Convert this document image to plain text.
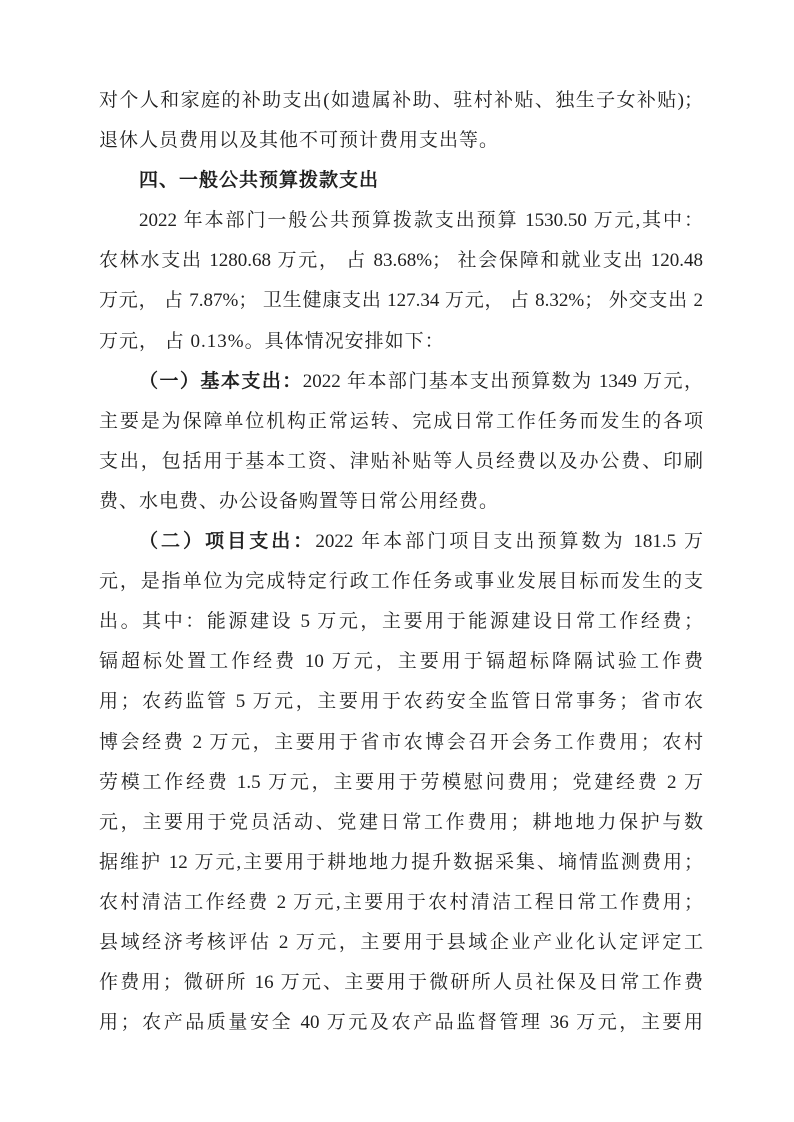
对个人和家庭的补助支出(如遗属补助、驻村补贴、独生子女补贴)；
退休人员费用以及其他不可预计费用支出等。
四、一般公共预算拨款支出
2022 年本部门一般公共预算拨款支出预算 1530.50 万元,其中：
农林水支出 1280.68 万元， 占 83.68%； 社会保障和就业支出 120.48
万元， 占 7.87%； 卫生健康支出 127.34 万元， 占 8.32%； 外交支出 2
万元， 占 0.13%。具体情况安排如下：
（一）基本支出：2022 年本部门基本支出预算数为 1349 万元，
主要是为保障单位机构正常运转、完成日常工作任务而发生的各项
支出，包括用于基本工资、津贴补贴等人员经费以及办公费、印刷
费、水电费、办公设备购置等日常公用经费。
（二）项目支出：2022 年本部门项目支出预算数为 181.5 万
元，是指单位为完成特定行政工作任务或事业发展目标而发生的支
出。其中：能源建设 5 万元，主要用于能源建设日常工作经费；
镉超标处置工作经费 10 万元，主要用于镉超标降隔试验工作费
用；农药监管 5 万元，主要用于农药安全监管日常事务；省市农
博会经费 2 万元，主要用于省市农博会召开会务工作费用；农村
劳模工作经费 1.5 万元，主要用于劳模慰问费用；党建经费 2 万
元，主要用于党员活动、党建日常工作费用；耕地地力保护与数
据维护 12 万元,主要用于耕地地力提升数据采集、墒情监测费用；
农村清洁工作经费 2 万元,主要用于农村清洁工程日常工作费用；
县域经济考核评估 2 万元，主要用于县域企业产业化认定评定工
作费用；微研所 16 万元、主要用于微研所人员社保及日常工作费
用；农产品质量安全 40 万元及农产品监督管理 36 万元，主要用
